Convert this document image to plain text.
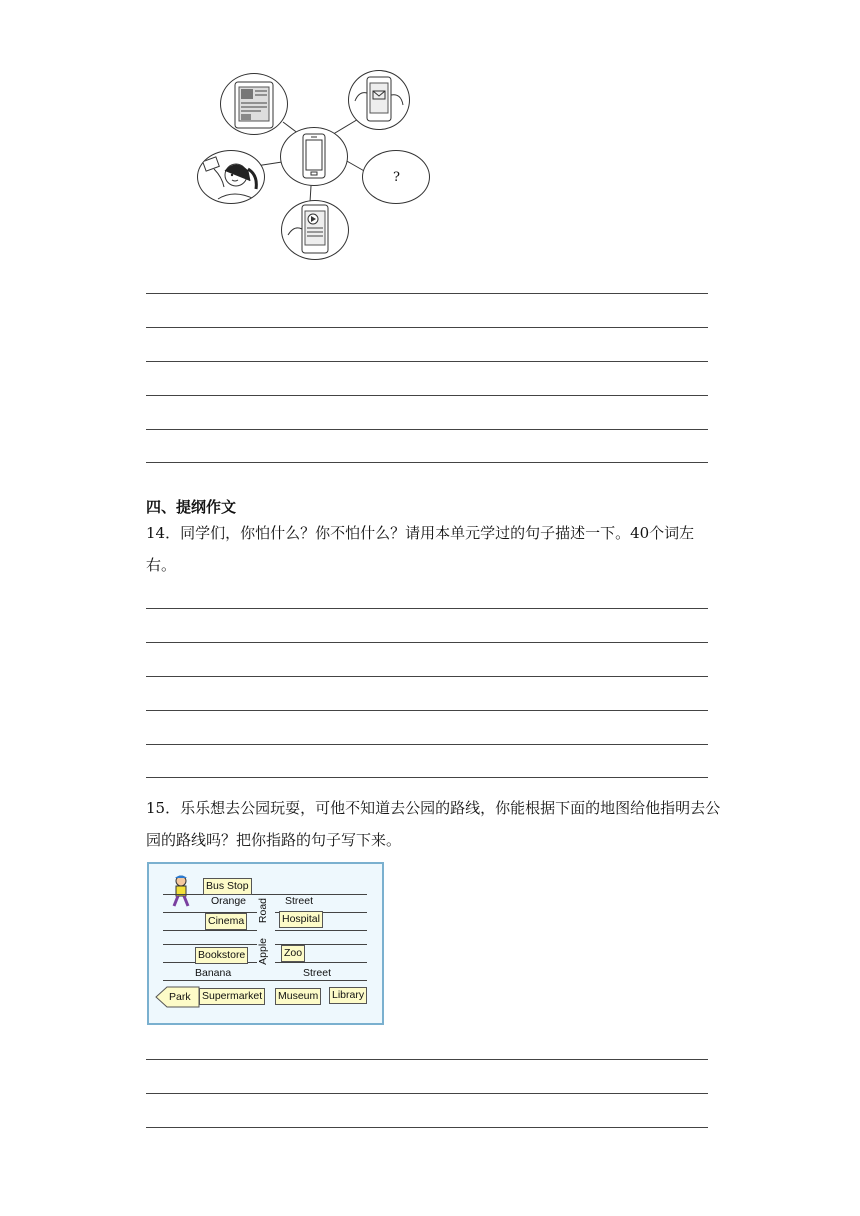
?
四、提纲作文
14．同学们，你怕什么？你不怕什么？请用本单元学过的句子描述一下。40个词左右。
15．乐乐想去公园玩耍，可他不知道去公园的路线，你能根据下面的地图给他指明去公园的路线吗？把你指路的句子写下来。
Bus Stop
Orange	Street
Road
Apple
Cinema	Hospital
Bookstore	Zoo
Banana	Street
Park Supermarket Museum Library
